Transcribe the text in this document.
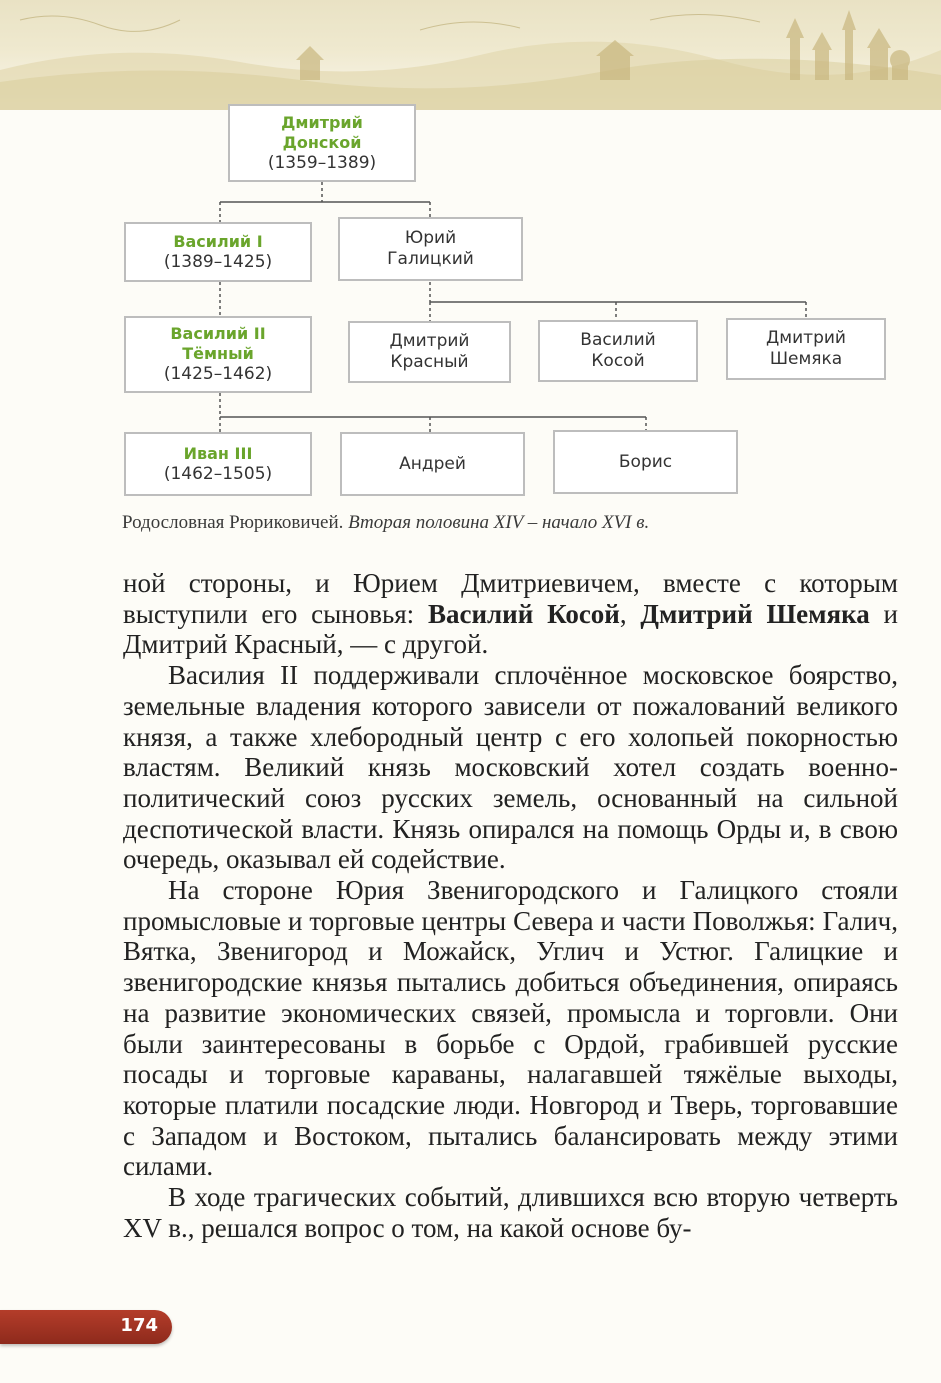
Дмитрий
Донской
(1359–1389)
Василий I
(1389–1425)
Юрий
Галицкий
Василий II
Тёмный
(1425–1462)
Дмитрий
Красный
Василий
Косой
Дмитрий
Шемяка
Иван III
(1462–1505)	Андрей	Борис
Родословная Рюриковичей. Вторая половина XIV – начало XVI в.

ной стороны, и Юрием Дмитриевичем, вместе с которым выступили его сыновья: Василий Косой, Дмитрий Шемяка и Дмитрий Красный, — с другой.

Василия II поддерживали сплочённое московское боярство, земельные владения которого зависели от пожалований великого князя, а также хлебородный центр с его холопьей покорностью властям. Великий князь московский хотел создать военно-политический союз русских земель, основанный на сильной деспотической власти. Князь опирался на помощь Орды и, в свою очередь, оказывал ей содействие.

На стороне Юрия Звенигородского и Галицкого стояли промысловые и торговые центры Севера и части Поволжья: Галич, Вятка, Звенигород и Можайск, Углич и Устюг. Галицкие и звенигородские князья пытались добиться объединения, опираясь на развитие экономических связей, промысла и торговли. Они были заинтересованы в борьбе с Ордой, грабившей русские посады и торговые караваны, налагавшей тяжёлые выходы, которые платили посадские люди. Новгород и Тверь, торговавшие с Западом и Востоком, пытались балансировать между этими силами.

В ходе трагических событий, длившихся всю вторую четверть XV в., решался вопрос о том, на какой основе бу-

174
